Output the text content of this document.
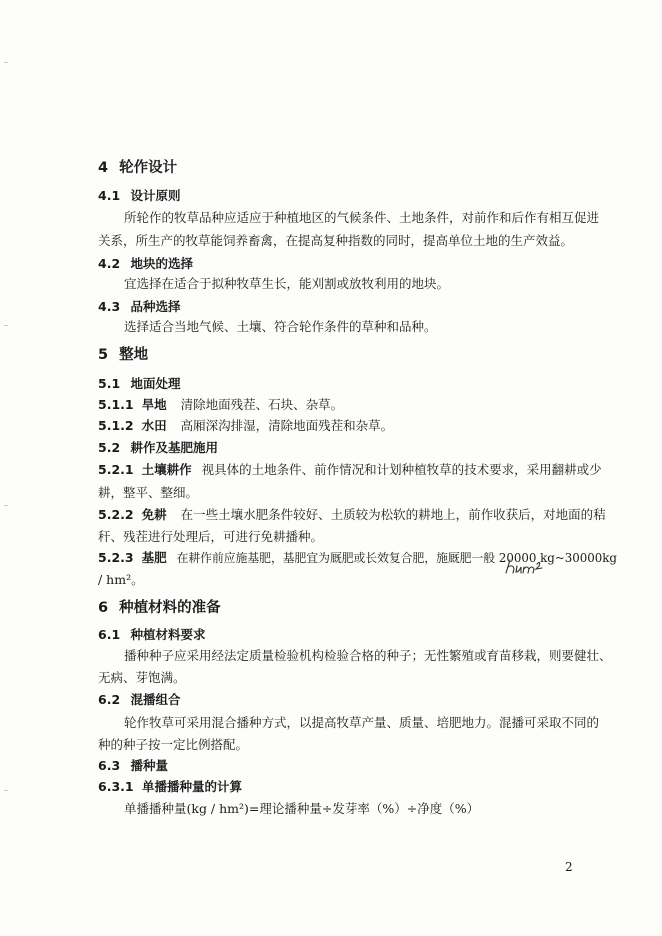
4 轮作设计
4.1 设计原则
所轮作的牧草品种应适应于种植地区的气候条件、土地条件，对前作和后作有相互促进
关系，所生产的牧草能饲养畜禽，在提高复种指数的同时，提高单位土地的生产效益。
4.2 地块的选择
宜选择在适合于拟种牧草生长，能刈割或放牧利用的地块。
4.3 品种选择
选择适合当地气候、土壤、符合轮作条件的草种和品种。
5 整地
5.1 地面处理
5.1.1 旱地 清除地面残茬、石块、杂草。
5.1.2 水田 高厢深沟排湿，清除地面残茬和杂草。
5.2 耕作及基肥施用
5.2.1 土壤耕作 视具体的土地条件、前作情况和计划种植牧草的技术要求，采用翻耕或少
耕，整平、整细。
5.2.2 免耕 在一些土壤水肥条件较好、土质较为松软的耕地上，前作收获后，对地面的秸
秆、残茬进行处理后，可进行免耕播种。
5.2.3 基肥 在耕作前应施基肥，基肥宜为厩肥或长效复合肥，施厩肥一般 20000 kg~30000kg
/ hm²。
6 种植材料的准备
6.1 种植材料要求
播种种子应采用经法定质量检验机构检验合格的种子；无性繁殖或育苗移栽，则要健壮、
无病、芽饱满。
6.2 混播组合
轮作牧草可采用混合播种方式，以提高牧草产量、质量、培肥地力。混播可采取不同的
种的种子按一定比例搭配。
6.3 播种量
6.3.1 单播播种量的计算
单播播种量(kg / hm²)=理论播种量÷发芽率（%）÷净度（%）
2
